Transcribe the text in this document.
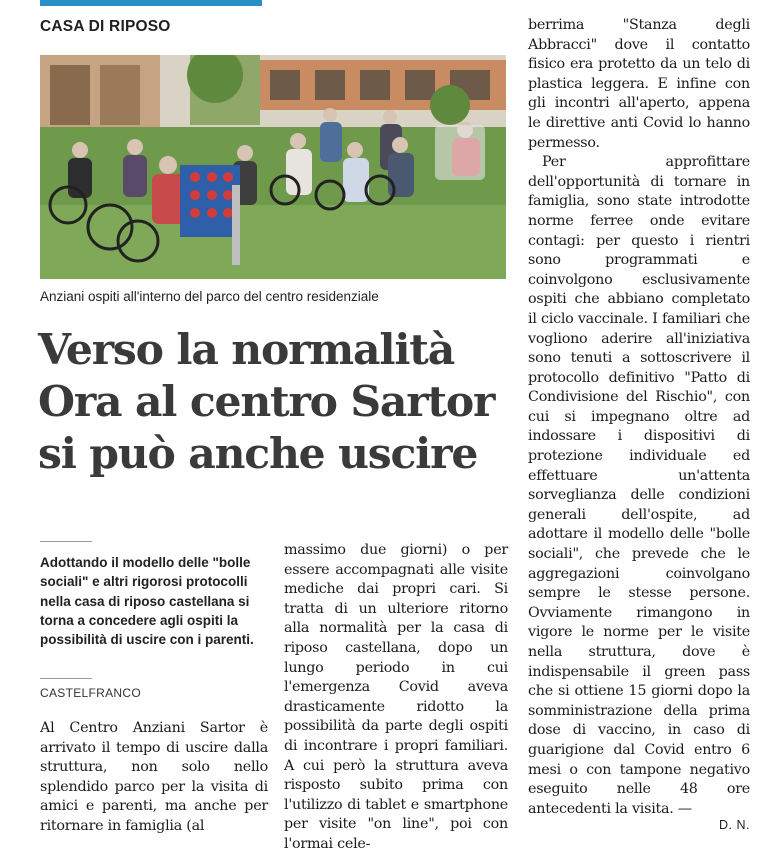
CASA DI RIPOSO
Anziani ospiti all'interno del parco del centro residenziale
Verso la normalità
Ora al centro Sartor
si può anche uscire
Adottando il modello delle "bolle sociali" e altri rigorosi protocolli nella casa di riposo castellana si torna a concedere agli ospiti la possibilità di uscire con i parenti.
CASTELFRANCO

Al Centro Anziani Sartor è arrivato il tempo di uscire dalla struttura, non solo nello splendido parco per la visita di amici e parenti, ma anche per ritornare in famiglia (al

massimo due giorni) o per essere accompagnati alle visite mediche dai propri cari. Si tratta di un ulteriore ritorno alla normalità per la casa di riposo castellana, dopo un lungo periodo in cui l'emergenza Covid aveva drasticamente ridotto la possibilità da parte degli ospiti di incontrare i propri familiari. A cui però la struttura aveva risposto subito prima con l'utilizzo di tablet e smartphone per visite "on line", poi con l'ormai cele-

berrima "Stanza degli Abbracci" dove il contatto fisico era protetto da un telo di plastica leggera. E infine con gli incontri all'aperto, appena le direttive anti Covid lo hanno permesso.

Per approfittare dell'opportunità di tornare in famiglia, sono state introdotte norme ferree onde evitare contagi: per questo i rientri sono programmati e coinvolgono esclusivamente ospiti che abbiano completato il ciclo vaccinale. I familiari che vogliono aderire all'iniziativa sono tenuti a sottoscrivere il protocollo definitivo "Patto di Condivisione del Rischio", con cui si impegnano oltre ad indossare i dispositivi di protezione individuale ed effettuare un'attenta sorveglianza delle condizioni generali dell'ospite, ad adottare il modello delle "bolle sociali", che prevede che le aggregazioni coinvolgano sempre le stesse persone. Ovviamente rimangono in vigore le norme per le visite nella struttura, dove è indispensabile il green pass che si ottiene 15 giorni dopo la somministrazione della prima dose di vaccino, in caso di guarigione dal Covid entro 6 mesi o con tampone negativo eseguito nelle 48 ore antecedenti la visita. —

D. N.
